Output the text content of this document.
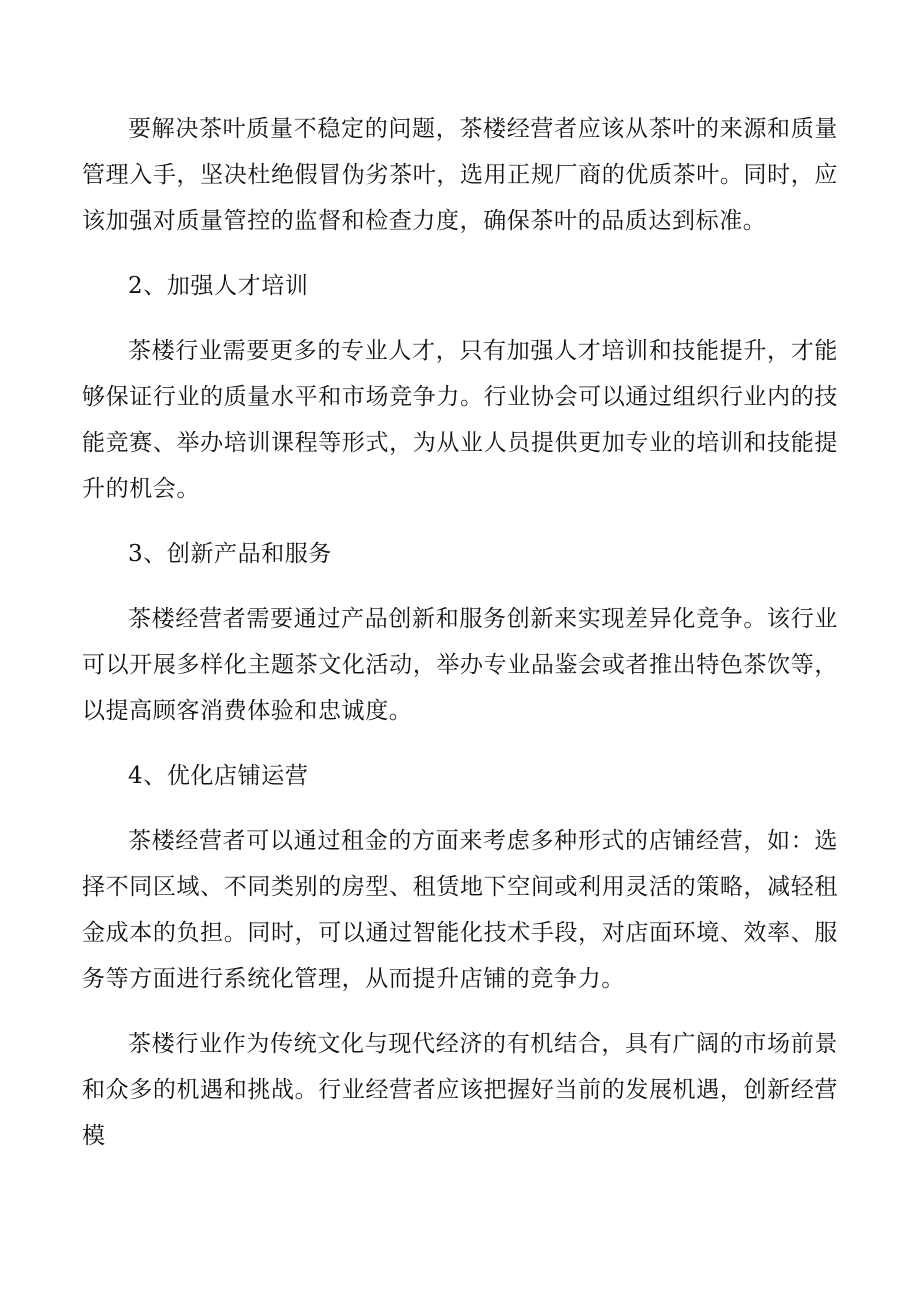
要解决茶叶质量不稳定的问题，茶楼经营者应该从茶叶的来源和质量管理入手，坚决杜绝假冒伪劣茶叶，选用正规厂商的优质茶叶。同时，应该加强对质量管控的监督和检查力度，确保茶叶的品质达到标准。

2、加强人才培训

茶楼行业需要更多的专业人才，只有加强人才培训和技能提升，才能够保证行业的质量水平和市场竞争力。行业协会可以通过组织行业内的技能竞赛、举办培训课程等形式，为从业人员提供更加专业的培训和技能提升的机会。

3、创新产品和服务

茶楼经营者需要通过产品创新和服务创新来实现差异化竞争。该行业可以开展多样化主题茶文化活动，举办专业品鉴会或者推出特色茶饮等，以提高顾客消费体验和忠诚度。

4、优化店铺运营

茶楼经营者可以通过租金的方面来考虑多种形式的店铺经营，如：选择不同区域、不同类别的房型、租赁地下空间或利用灵活的策略，减轻租金成本的负担。同时，可以通过智能化技术手段，对店面环境、效率、服务等方面进行系统化管理，从而提升店铺的竞争力。

茶楼行业作为传统文化与现代经济的有机结合，具有广阔的市场前景和众多的机遇和挑战。行业经营者应该把握好当前的发展机遇，创新经营模
